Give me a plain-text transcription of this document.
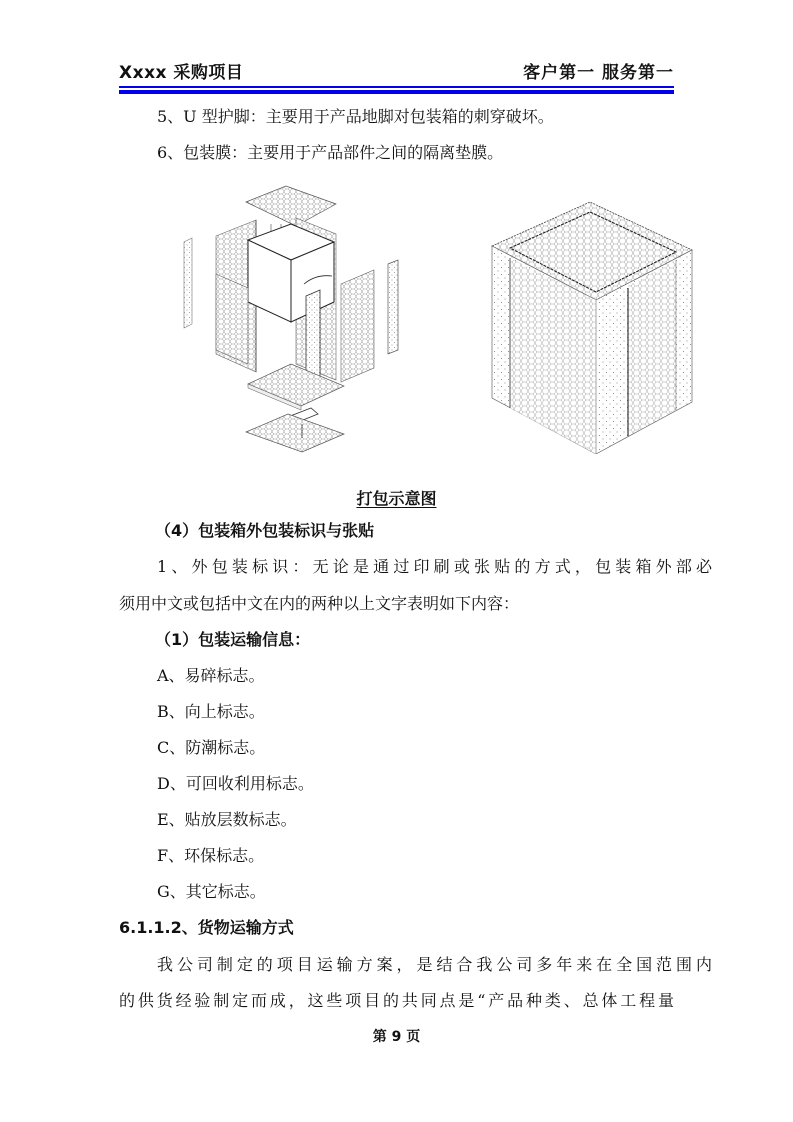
Xxxx 采购项目	客户第一 服务第一
5、U 型护脚：主要用于产品地脚对包装箱的刺穿破坏。
6、包装膜：主要用于产品部件之间的隔离垫膜。
打包示意图
（4）包装箱外包装标识与张贴
1、外包装标识：无论是通过印刷或张贴的方式，包装箱外部必
须用中文或包括中文在内的两种以上文字表明如下内容：
（1）包装运输信息：
A、易碎标志。
B、向上标志。
C、防潮标志。
D、可回收利用标志。
E、贴放层数标志。
F、环保标志。
G、其它标志。
6.1.1.2、货物运输方式
我公司制定的项目运输方案，是结合我公司多年来在全国范围内
的供货经验制定而成，这些项目的共同点是“产品种类、总体工程量
第 9 页
